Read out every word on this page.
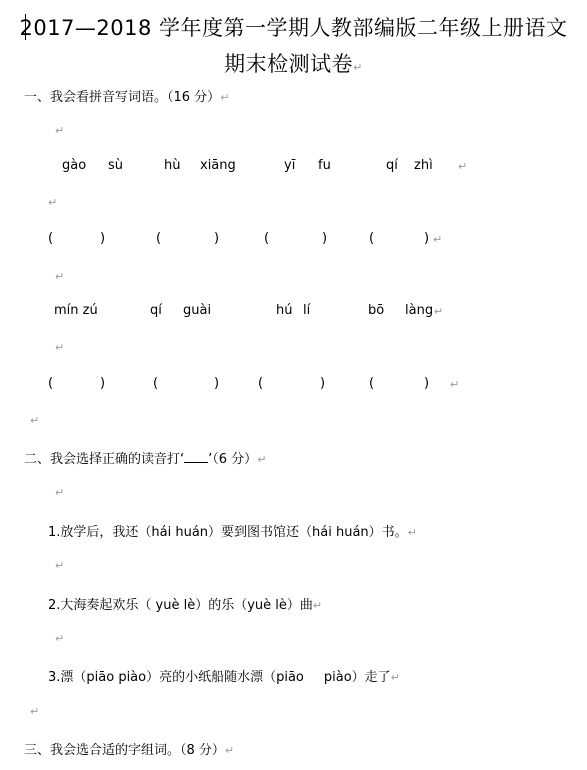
2017—2018 学年度第一学期人教部编版二年级上册语文
期末检测试卷↵
一、我会看拼音写词语。（16 分）↵
↵
gào sù	hù xiāng	yī fu	qí zhì ↵
↵
(	)	(	)	(	)	(	) ↵
↵
mín zú	qí guài	hú lí	bō làng ↵
↵
(	)	(	)	(	)	(	) ↵
↵
二、我会选择正确的读音打‘ ’（6 分）↵
↵
1.放学后，我还（hái huán）要到图书馆还（hái huán）书。↵
↵
2.大海奏起欢乐（ yuè lè）的乐（yuè lè）曲↵
↵
3.漂（piāo piào）亮的小纸船随水漂（piāo piào）走了↵
↵
三、我会选合适的字组词。（8 分）↵
